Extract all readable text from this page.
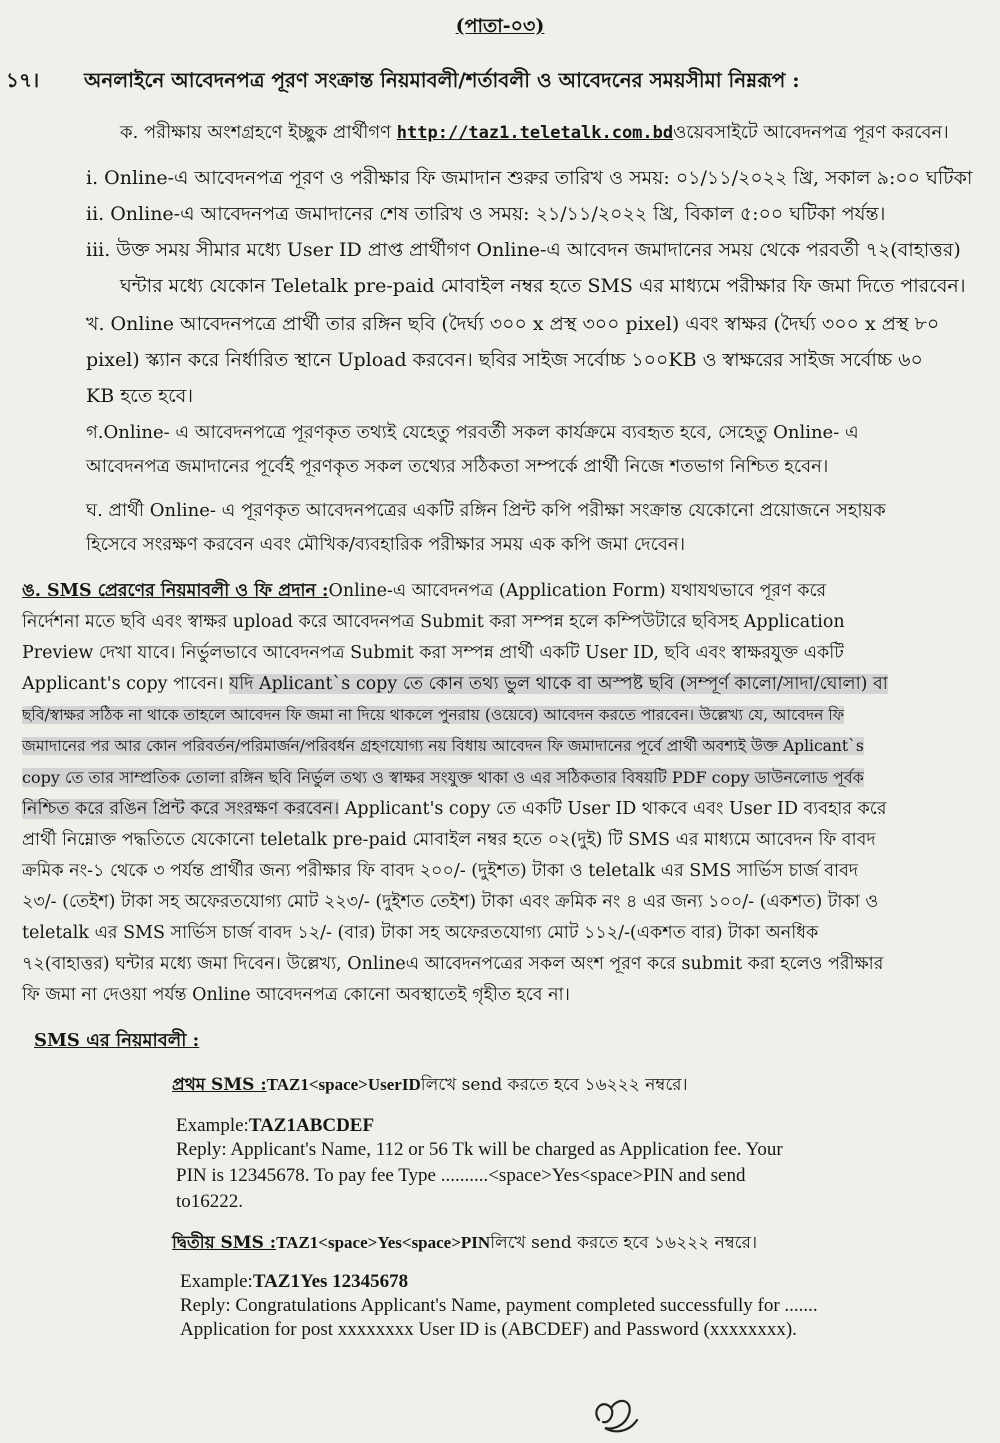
(পাতা-০৩)
১৭। অনলাইনে আবেদনপত্র পূরণ সংক্রান্ত নিয়মাবলী/শর্তাবলী ও আবেদনের সময়সীমা নিম্নরূপ :
ক. পরীক্ষায় অংশগ্রহণে ইচ্ছুক প্রার্থীগণ http://taz1.teletalk.com.bdওয়েবসাইটে আবেদনপত্র পূরণ করবেন।
i. Online-এ আবেদনপত্র পূরণ ও পরীক্ষার ফি জমাদান শুরুর তারিখ ও সময়: ০১/১১/২০২২ খ্রি, সকাল ৯:০০ ঘটিকা
ii. Online-এ আবেদনপত্র জমাদানের শেষ তারিখ ও সময়: ২১/১১/২০২২ খ্রি, বিকাল ৫:০০ ঘটিকা পর্যন্ত।
iii. উক্ত সময় সীমার মধ্যে User ID প্রাপ্ত প্রার্থীগণ Online-এ আবেদন জমাদানের সময় থেকে পরবর্তী ৭২(বাহাত্তর)
ঘন্টার মধ্যে যেকোন Teletalk pre-paid মোবাইল নম্বর হতে SMS এর মাধ্যমে পরীক্ষার ফি জমা দিতে পারবেন।
খ. Online আবেদনপত্রে প্রার্থী তার রঙ্গিন ছবি (দৈর্ঘ্য ৩০০ x প্রস্থ ৩০০ pixel) এবং স্বাক্ষর (দৈর্ঘ্য ৩০০ x প্রস্থ ৮০
pixel) স্ক্যান করে নির্ধারিত স্থানে Upload করবেন। ছবির সাইজ সর্বোচ্চ ১০০KB ও স্বাক্ষরের সাইজ সর্বোচ্চ ৬০
KB হতে হবে।
গ.Online- এ আবেদনপত্রে পূরণকৃত তথ্যই যেহেতু পরবর্তী সকল কার্যক্রমে ব্যবহৃত হবে, সেহেতু Online- এ
আবেদনপত্র জমাদানের পূর্বেই পূরণকৃত সকল তথ্যের সঠিকতা সম্পর্কে প্রার্থী নিজে শতভাগ নিশ্চিত হবেন।
ঘ. প্রার্থী Online- এ পূরণকৃত আবেদনপত্রের একটি রঙ্গিন প্রিন্ট কপি পরীক্ষা সংক্রান্ত যেকোনো প্রয়োজনে সহায়ক
হিসেবে সংরক্ষণ করবেন এবং মৌখিক/ব্যবহারিক পরীক্ষার সময় এক কপি জমা দেবেন।
ঙ. SMS প্রেরণের নিয়মাবলী ও ফি প্রদান :Online-এ আবেদনপত্র (Application Form) যথাযথভাবে পূরণ করে
নির্দেশনা মতে ছবি এবং স্বাক্ষর upload করে আবেদনপত্র Submit করা সম্পন্ন হলে কম্পিউটারে ছবিসহ Application
Preview দেখা যাবে। নির্ভুলভাবে আবেদনপত্র Submit করা সম্পন্ন প্রার্থী একটি User ID, ছবি এবং স্বাক্ষরযুক্ত একটি
Applicant's copy পাবেন। যদি Aplicant`s copy তে কোন তথ্য ভুল থাকে বা অস্পষ্ট ছবি (সম্পূর্ণ কালো/সাদা/ঘোলা) বা
ছবি/স্বাক্ষর সঠিক না থাকে তাহলে আবেদন ফি জমা না দিয়ে থাকলে পুনরায় (ওয়েবে) আবেদন করতে পারবেন। উল্লেখ্য যে, আবেদন ফি
জমাদানের পর আর কোন পরিবর্তন/পরিমার্জন/পরিবর্ধন গ্রহণযোগ্য নয় বিধায় আবেদন ফি জমাদানের পূর্বে প্রার্থী অবশ্যই উক্ত Aplicant`s
copy তে তার সাম্প্রতিক তোলা রঙ্গিন ছবি নির্ভুল তথ্য ও স্বাক্ষর সংযুক্ত থাকা ও এর সঠিকতার বিষয়টি PDF copy ডাউনলোড পূর্বক
নিশ্চিত করে রঙিন প্রিন্ট করে সংরক্ষণ করবেন। Applicant's copy তে একটি User ID থাকবে এবং User ID ব্যবহার করে
প্রার্থী নিম্নোক্ত পদ্ধতিতে যেকোনো teletalk pre-paid মোবাইল নম্বর হতে ০২(দুই) টি SMS এর মাধ্যমে আবেদন ফি বাবদ
ক্রমিক নং-১ থেকে ৩ পর্যন্ত প্রার্থীর জন্য পরীক্ষার ফি বাবদ ২০০/- (দুইশত) টাকা ও teletalk এর SMS সার্ভিস চার্জ বাবদ
২৩/- (তেইশ) টাকা সহ অফেরতযোগ্য মোট ২২৩/- (দুইশত তেইশ) টাকা এবং ক্রমিক নং ৪ এর জন্য ১০০/- (একশত) টাকা ও
teletalk এর SMS সার্ভিস চার্জ বাবদ ১২/- (বার) টাকা সহ অফেরতযোগ্য মোট ১১২/-(একশত বার) টাকা অনধিক
৭২(বাহাত্তর) ঘন্টার মধ্যে জমা দিবেন। উল্লেখ্য, Onlineএ আবেদনপত্রের সকল অংশ পূরণ করে submit করা হলেও পরীক্ষার
ফি জমা না দেওয়া পর্যন্ত Online আবেদনপত্র কোনো অবস্থাতেই গৃহীত হবে না।
SMS এর নিয়মাবলী :
প্রথম SMS :TAZ1<space>UserIDলিখে send করতে হবে ১৬২২২ নম্বরে।
Example:TAZ1ABCDEF
Reply: Applicant's Name, 112 or 56 Tk will be charged as Application fee. Your
PIN is 12345678. To pay fee Type ..........<space>Yes<space>PIN and send
to16222.
দ্বিতীয় SMS :TAZ1<space>Yes<space>PINলিখে send করতে হবে ১৬২২২ নম্বরে।
Example:TAZ1Yes 12345678
Reply: Congratulations Applicant's Name, payment completed successfully for .......
Application for post xxxxxxxx User ID is (ABCDEF) and Password (xxxxxxxx).
